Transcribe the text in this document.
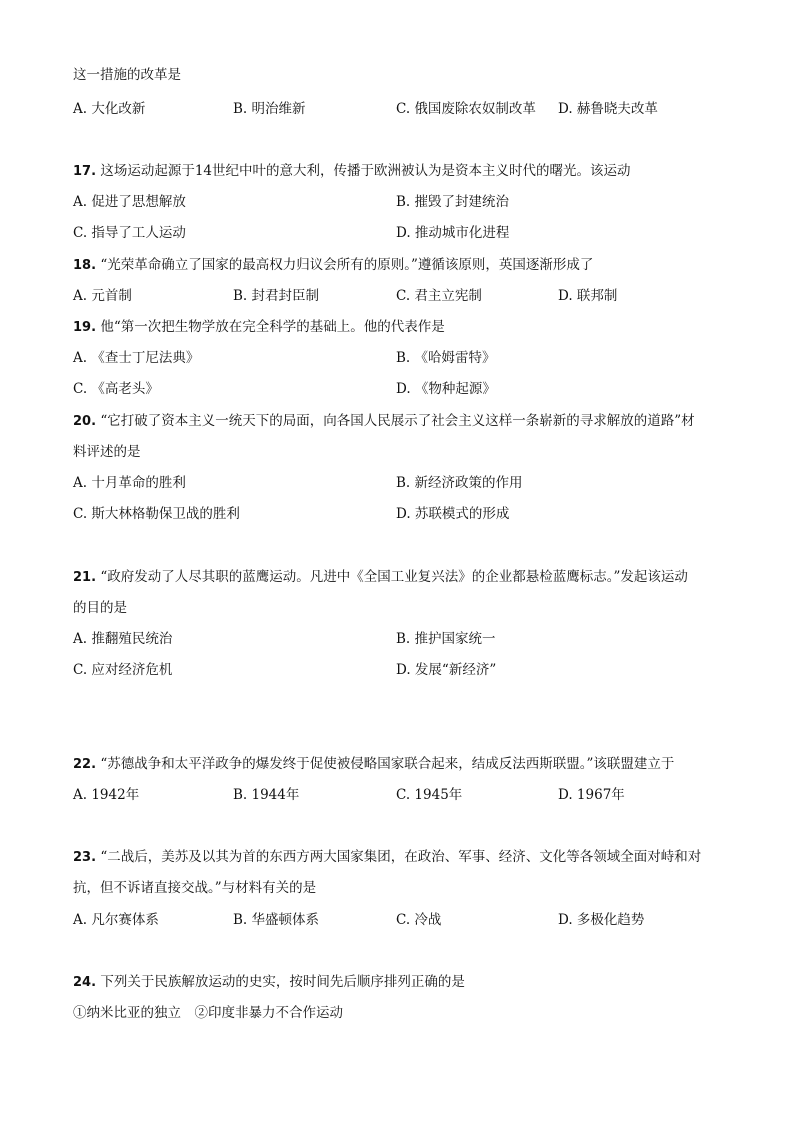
这一措施的改革是
A. 大化改新	B. 明治维新	C. 俄国废除农奴制改革 D. 赫鲁晓夫改革
17. 这场运动起源于14世纪中叶的意大利，传播于欧洲被认为是资本主义时代的曙光。该运动
A. 促进了思想解放	B. 摧毁了封建统治
C. 指导了工人运动	D. 推动城市化进程
18. “光荣革命确立了国家的最高权力归议会所有的原则。”遵循该原则，英国逐渐形成了
A. 元首制	B. 封君封臣制	C. 君主立宪制	D. 联邦制
19. 他“第一次把生物学放在完全科学的基础上。他的代表作是
A. 《查士丁尼法典》	B. 《哈姆雷特》
C. 《高老头》	D. 《物种起源》
20. “它打破了资本主义一统天下的局面，向各国人民展示了社会主义这样一条崭新的寻求解放的道路”材
料评述的是
A. 十月革命的胜利	B. 新经济政策的作用
C. 斯大林格勒保卫战的胜利	D. 苏联模式的形成
21. “政府发动了人尽其职的蓝鹰运动。凡进中《全国工业复兴法》的企业都悬检蓝鹰标志。”发起该运动
的目的是
A. 推翻殖民统治	B. 推护国家统一
C. 应对经济危机	D. 发展“新经济”
22. “苏德战争和太平洋政争的爆发终于促使被侵略国家联合起来，结成反法西斯联盟。”该联盟建立于
A. 1942年	B. 1944年	C. 1945年	D. 1967年
23. “二战后，美苏及以其为首的东西方两大国家集团，在政治、军事、经济、文化等各领域全面对峙和对
抗，但不诉诸直接交战。”与材料有关的是
A. 凡尔赛体系	B. 华盛顿体系	C. 冷战	D. 多极化趋势
24. 下列关于民族解放运动的史实，按时间先后顺序排列正确的是
①纳米比亚的独立　②印度非暴力不合作运动
